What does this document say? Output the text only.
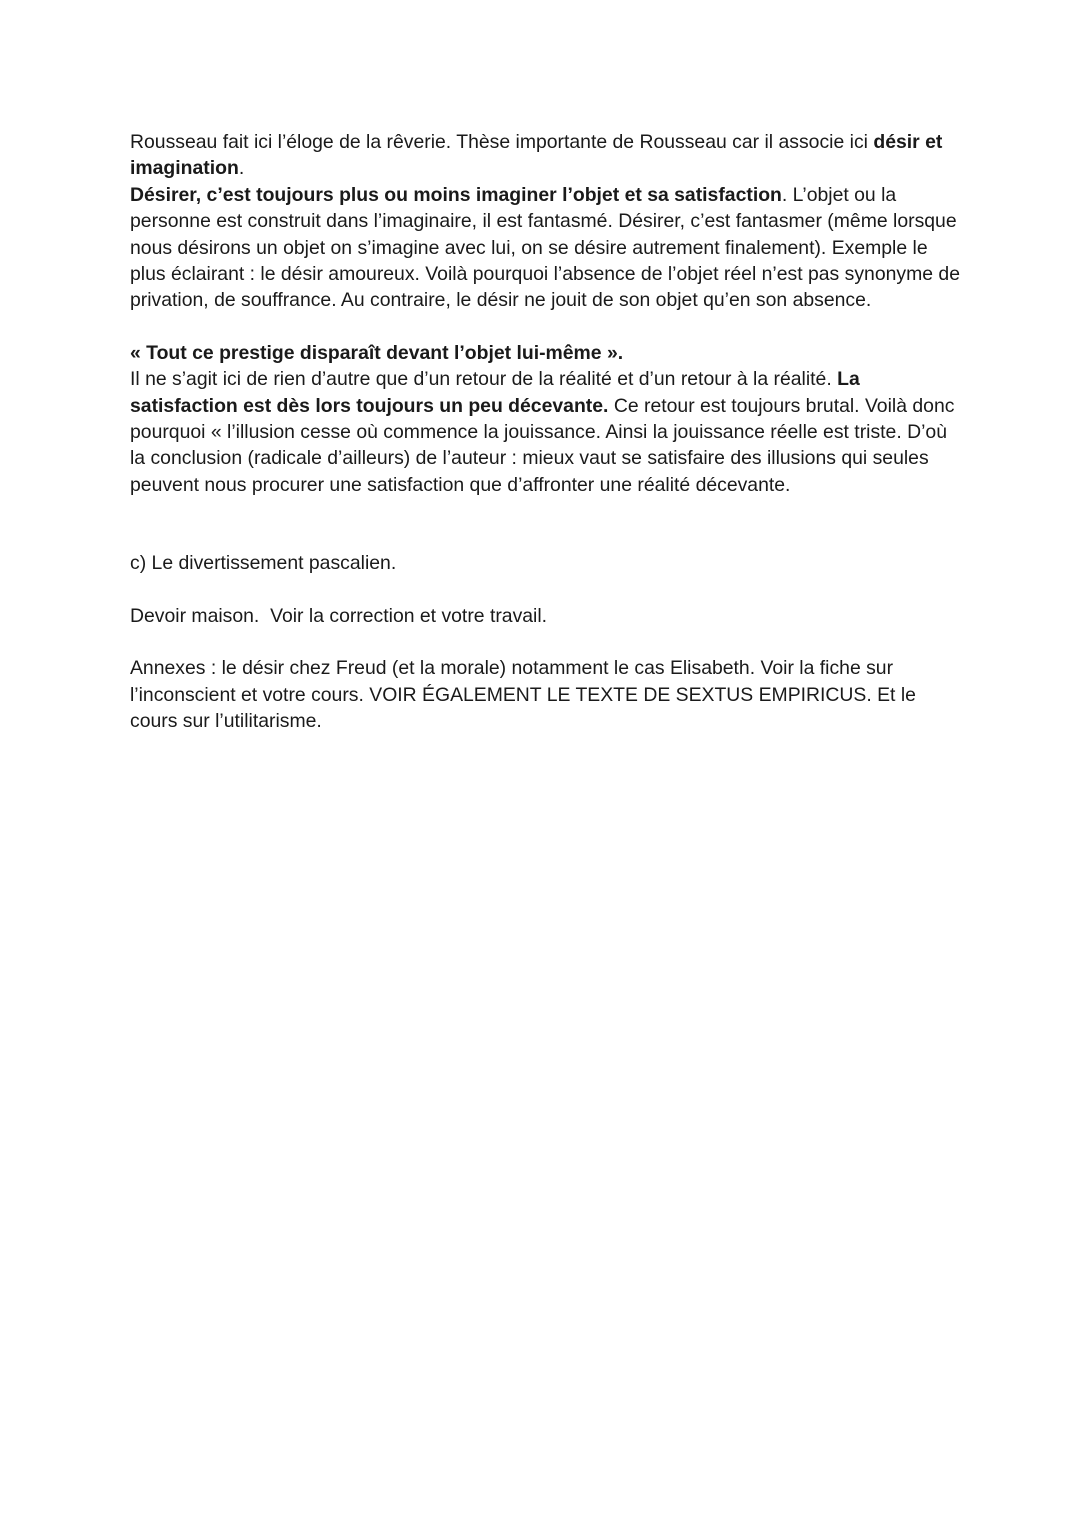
Rousseau fait ici l’éloge de la rêverie. Thèse importante de Rousseau car il associe ici désir et imagination.
Désirer, c’est toujours plus ou moins imaginer l’objet et sa satisfaction. L’objet ou la personne est construit dans l’imaginaire, il est fantasmé. Désirer, c’est fantasmer (même lorsque nous désirons un objet on s’imagine avec lui, on se désire autrement finalement). Exemple le plus éclairant : le désir amoureux. Voilà pourquoi l’absence de l’objet réel n’est pas synonyme de privation, de souffrance. Au contraire, le désir ne jouit de son objet qu’en son absence.

« Tout ce prestige disparaît devant l’objet lui-même ».
Il ne s’agit ici de rien d’autre que d’un retour de la réalité et d’un retour à la réalité. La satisfaction est dès lors toujours un peu décevante. Ce retour est toujours brutal. Voilà donc pourquoi « l’illusion cesse où commence la jouissance. Ainsi la jouissance réelle est triste. D’où la conclusion (radicale d’ailleurs) de l’auteur : mieux vaut se satisfaire des illusions qui seules peuvent nous procurer une satisfaction que d’affronter une réalité décevante.

c) Le divertissement pascalien.

Devoir maison.  Voir la correction et votre travail.

Annexes : le désir chez Freud (et la morale) notamment le cas Elisabeth. Voir la fiche sur l’inconscient et votre cours. VOIR ÉGALEMENT LE TEXTE DE SEXTUS EMPIRICUS. Et le cours sur l’utilitarisme.
